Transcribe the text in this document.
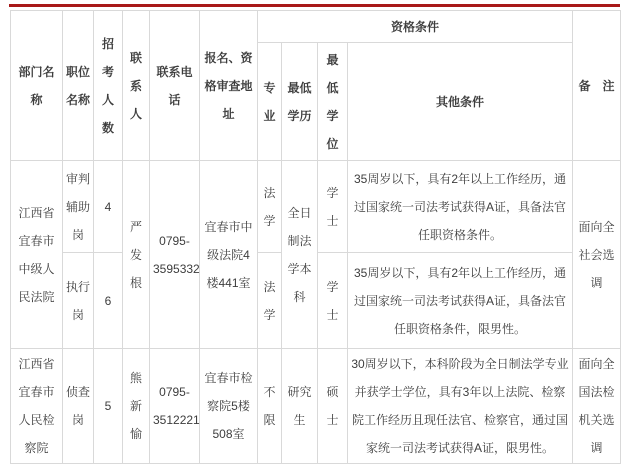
部门名称	职位名称	招考人数	联系人	联系电话	报名、资格审查地址	资格条件				备　注
						专业	最低学历	最低学位	其他条件	
江西省宜春市中级人民法院	审判辅助岗	4	严发根	0795-3595332	宜春市中级法院4楼441室	法学	全日制法学本科	学士	35周岁以下，具有2年以上工作经历，通过国家统一司法考试获得A证，具备法官任职资格条件。	面向全社会选调
	执行岗	6				法学		学士	35周岁以下，具有2年以上工作经历，通过国家统一司法考试获得A证，具备法官任职资格条件，限男性。	
江西省宜春市人民检察院	侦查岗	5	熊新愉	0795-3512221	宜春市检察院5楼508室	不限	研究生	硕士	30周岁以下，本科阶段为全日制法学专业并获学士学位，具有3年以上法院、检察院工作经历且现任法官、检察官，通过国家统一司法考试获得A证，限男性。	面向全国法检机关选调
